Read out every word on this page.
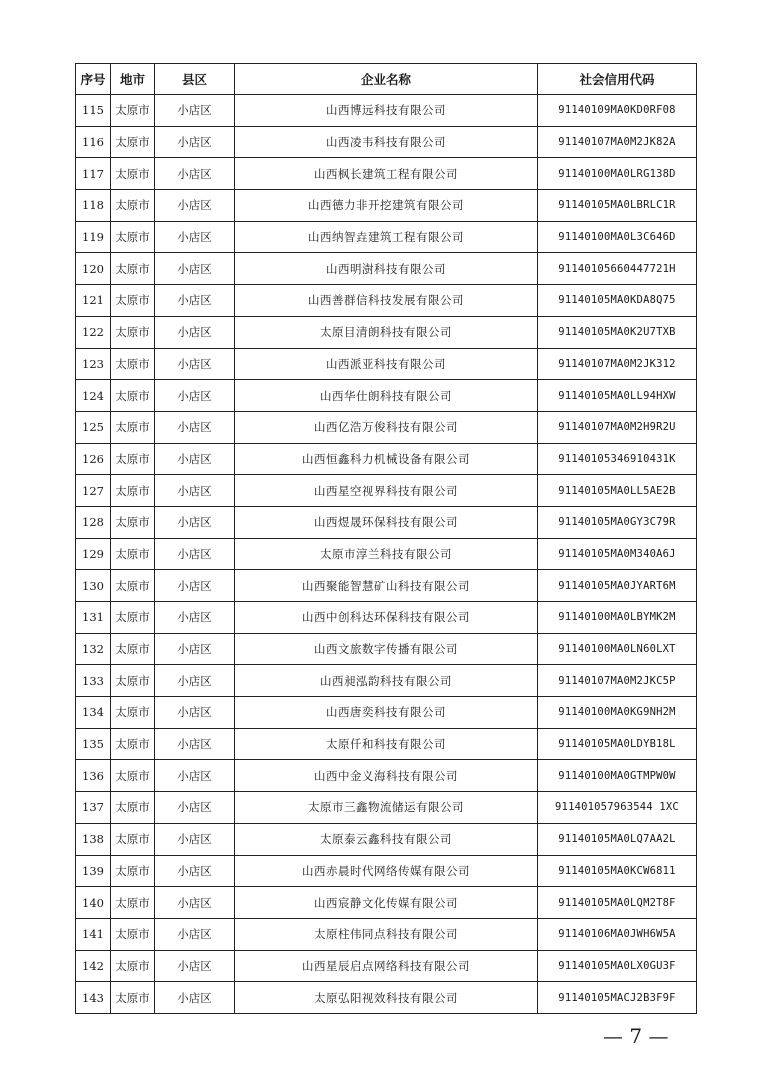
序号	地市	县区	企业名称	社会信用代码
115	太原市	小店区	山西博远科技有限公司	91140109MA0KD0RF08
116	太原市	小店区	山西凌韦科技有限公司	91140107MA0M2JK82A
117	太原市	小店区	山西枫长建筑工程有限公司	91140100MA0LRG138D
118	太原市	小店区	山西德力非开挖建筑有限公司	91140105MA0LBRLC1R
119	太原市	小店区	山西纳智垚建筑工程有限公司	91140100MA0L3C646D
120	太原市	小店区	山西明澍科技有限公司	91140105660447721H
121	太原市	小店区	山西善群信科技发展有限公司	91140105MA0KDA8Q75
122	太原市	小店区	太原目清朗科技有限公司	91140105MA0K2U7TXB
123	太原市	小店区	山西派亚科技有限公司	91140107MA0M2JK312
124	太原市	小店区	山西华仕朗科技有限公司	91140105MA0LL94HXW
125	太原市	小店区	山西亿浩万俊科技有限公司	91140107MA0M2H9R2U
126	太原市	小店区	山西恒鑫科力机械设备有限公司	91140105346910431K
127	太原市	小店区	山西星空视界科技有限公司	91140105MA0LL5AE2B
128	太原市	小店区	山西煜晟环保科技有限公司	91140105MA0GY3C79R
129	太原市	小店区	太原市淳兰科技有限公司	91140105MA0M340A6J
130	太原市	小店区	山西聚能智慧矿山科技有限公司	91140105MA0JYART6M
131	太原市	小店区	山西中创科达环保科技有限公司	91140100MA0LBYMK2M
132	太原市	小店区	山西文旅数字传播有限公司	91140100MA0LN60LXT
133	太原市	小店区	山西昶泓韵科技有限公司	91140107MA0M2JKC5P
134	太原市	小店区	山西唐奕科技有限公司	91140100MA0KG9NH2M
135	太原市	小店区	太原仟和科技有限公司	91140105MA0LDYB18L
136	太原市	小店区	山西中金义海科技有限公司	91140100MA0GTMPW0W
137	太原市	小店区	太原市三鑫物流储运有限公司	911401057963544 1XC
138	太原市	小店区	太原泰云鑫科技有限公司	91140105MA0LQ7AA2L
139	太原市	小店区	山西赤晨时代网络传媒有限公司	91140105MA0KCW6811
140	太原市	小店区	山西宸静文化传媒有限公司	91140105MA0LQM2T8F
141	太原市	小店区	太原柱伟同点科技有限公司	91140106MA0JWH6W5A
142	太原市	小店区	山西星辰启点网络科技有限公司	91140105MA0LX0GU3F
143	太原市	小店区	太原弘阳视效科技有限公司	91140105MACJ2B3F9F
— 7 —
